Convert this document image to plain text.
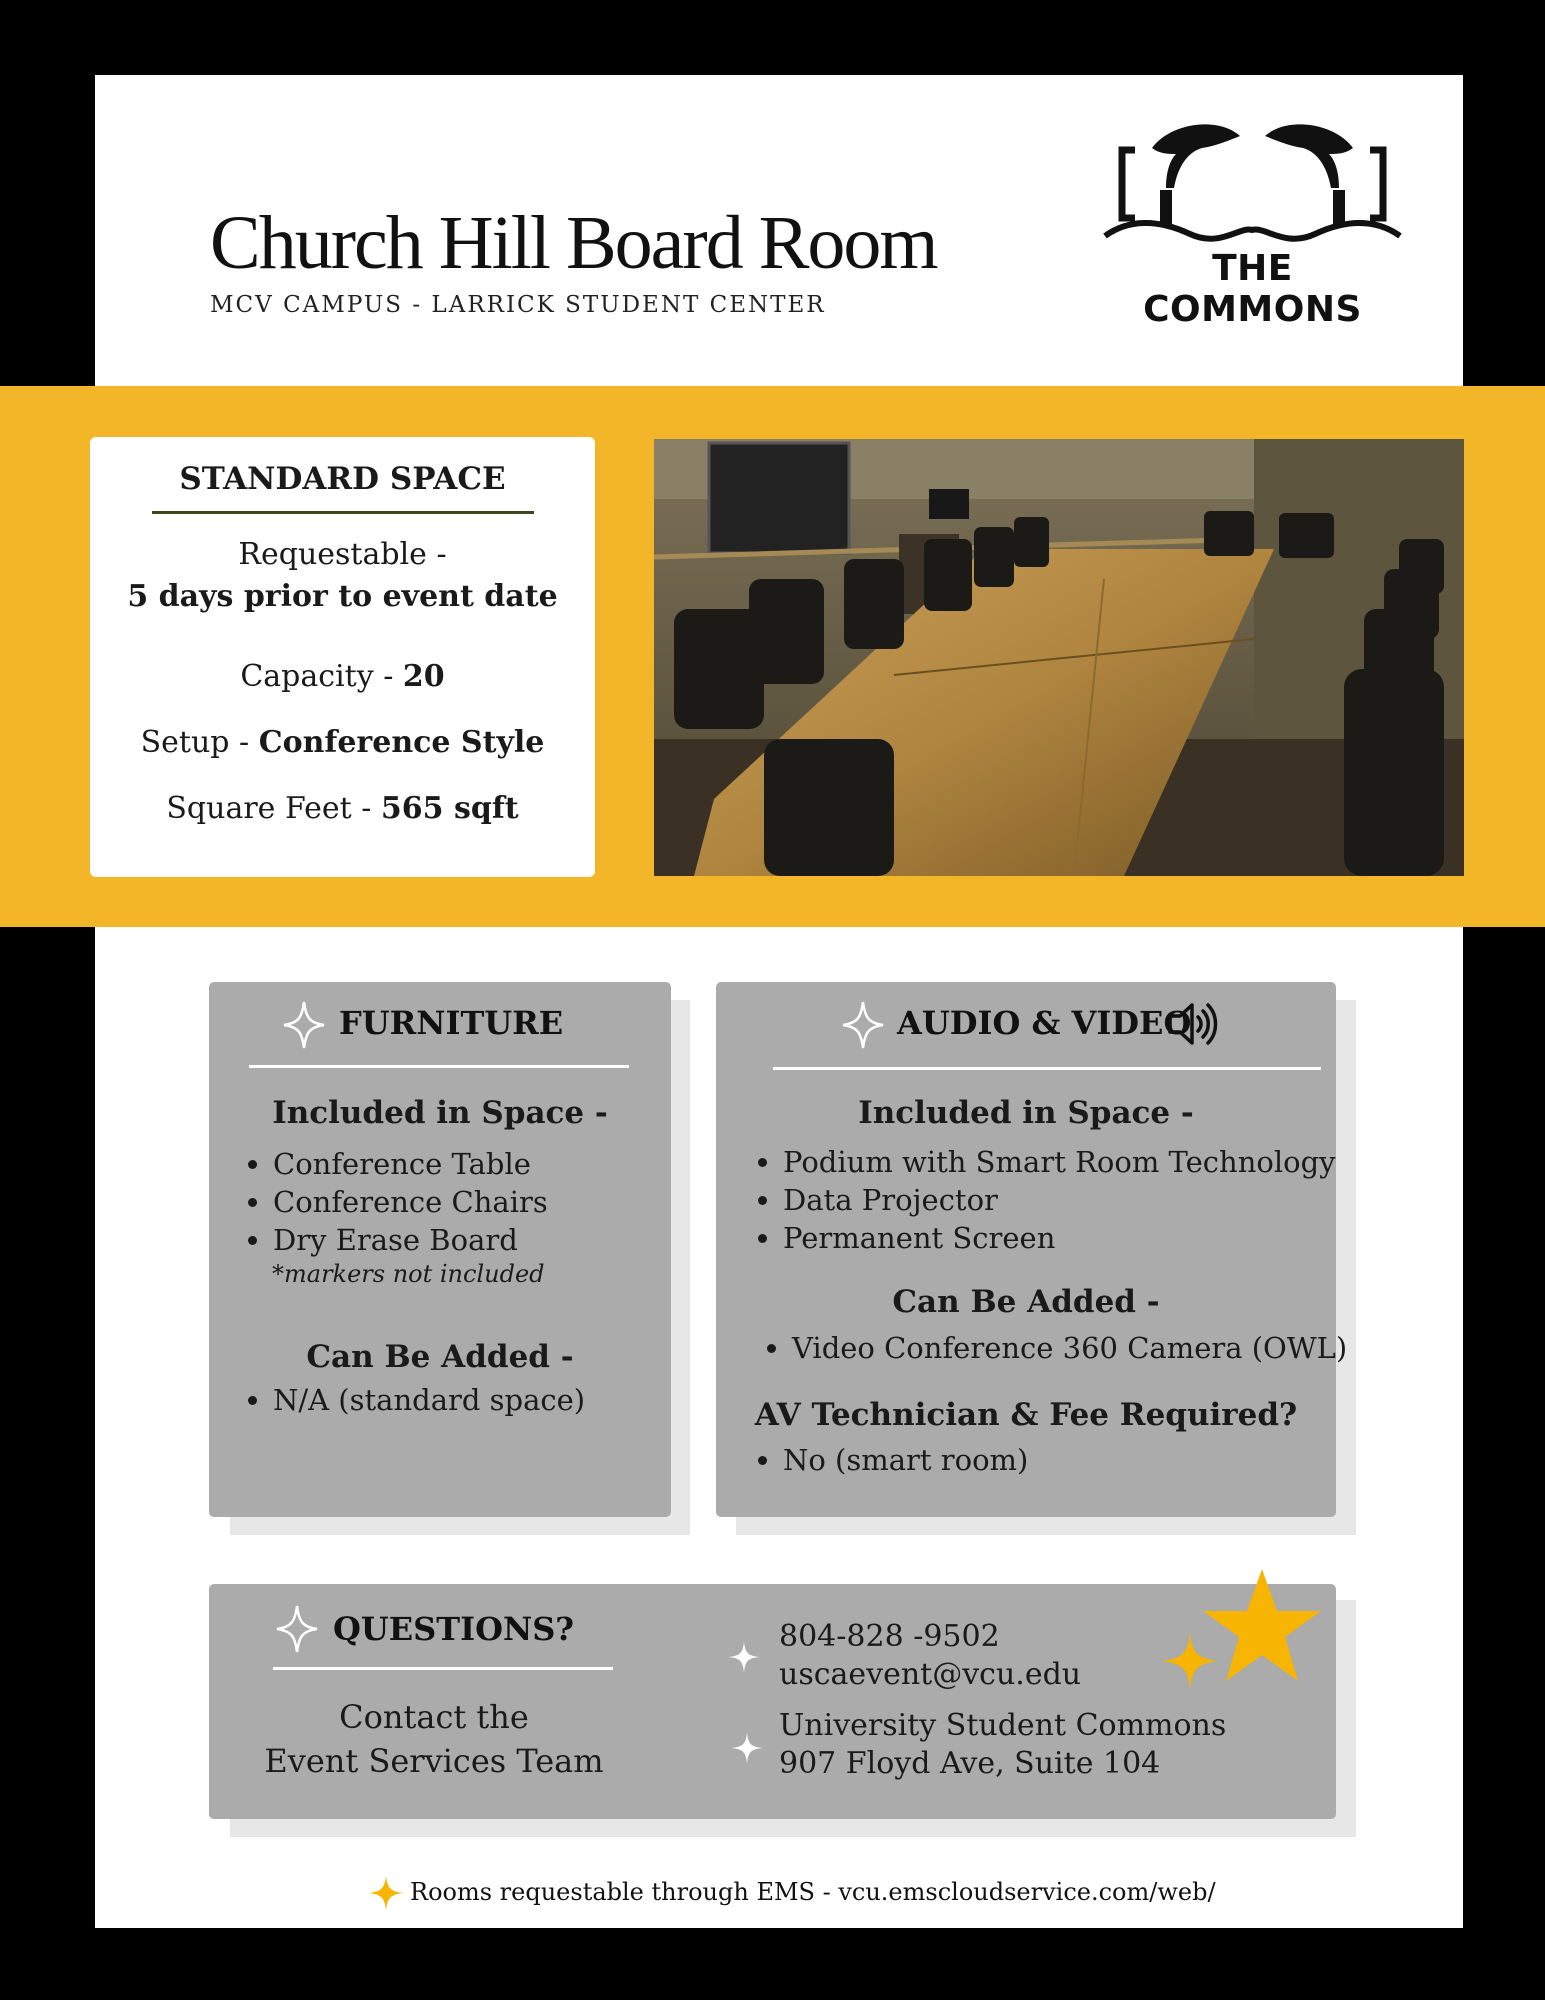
Church Hill Board Room
MCV CAMPUS - LARRICK STUDENT CENTER
THE COMMONS
STANDARD SPACE
Requestable -
5 days prior to event date
Capacity - 20
Setup - Conference Style
Square Feet - 565 sqft
FURNITURE
Included in Space -
• Conference Table
• Conference Chairs
• Dry Erase Board
*markers not included
Can Be Added -
• N/A (standard space)
AUDIO & VIDEO
Included in Space -
• Podium with Smart Room Technology
• Data Projector
• Permanent Screen
Can Be Added -
• Video Conference 360 Camera (OWL)
AV Technician & Fee Required?
• No (smart room)
QUESTIONS?
Contact the
Event Services Team
804-828 -9502
uscaevent@vcu.edu
University Student Commons
907 Floyd Ave, Suite 104
Rooms requestable through EMS - vcu.emscloudservice.com/web/
